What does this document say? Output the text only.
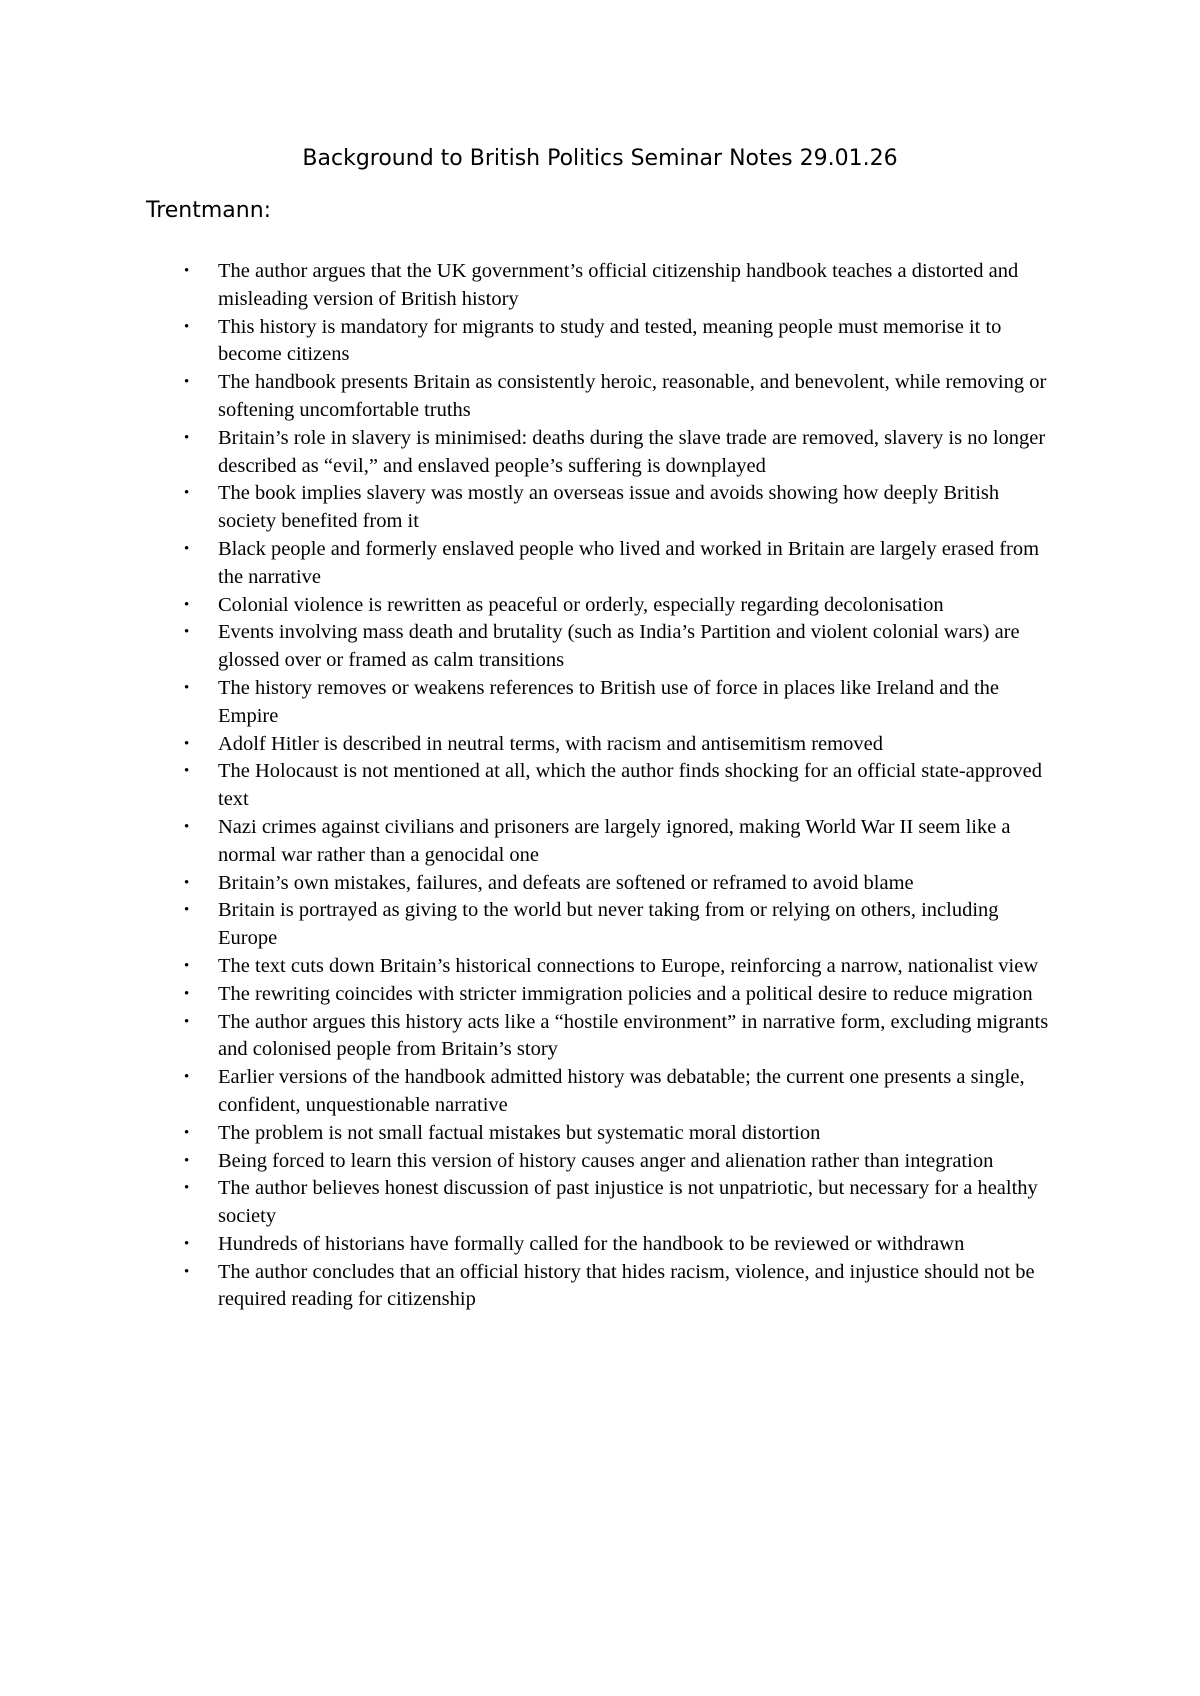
Background to British Politics Seminar Notes 29.01.26
Trentmann:
• The author argues that the UK government’s official citizenship handbook teaches a distorted and misleading version of British history
• This history is mandatory for migrants to study and tested, meaning people must memorise it to become citizens
• The handbook presents Britain as consistently heroic, reasonable, and benevolent, while removing or softening uncomfortable truths
• Britain’s role in slavery is minimised: deaths during the slave trade are removed, slavery is no longer described as “evil,” and enslaved people’s suffering is downplayed
• The book implies slavery was mostly an overseas issue and avoids showing how deeply British society benefited from it
• Black people and formerly enslaved people who lived and worked in Britain are largely erased from the narrative
• Colonial violence is rewritten as peaceful or orderly, especially regarding decolonisation
• Events involving mass death and brutality (such as India’s Partition and violent colonial wars) are glossed over or framed as calm transitions
• The history removes or weakens references to British use of force in places like Ireland and the Empire
• Adolf Hitler is described in neutral terms, with racism and antisemitism removed
• The Holocaust is not mentioned at all, which the author finds shocking for an official state-approved text
• Nazi crimes against civilians and prisoners are largely ignored, making World War II seem like a normal war rather than a genocidal one
• Britain’s own mistakes, failures, and defeats are softened or reframed to avoid blame
• Britain is portrayed as giving to the world but never taking from or relying on others, including Europe
• The text cuts down Britain’s historical connections to Europe, reinforcing a narrow, nationalist view
• The rewriting coincides with stricter immigration policies and a political desire to reduce migration
• The author argues this history acts like a “hostile environment” in narrative form, excluding migrants and colonised people from Britain’s story
• Earlier versions of the handbook admitted history was debatable; the current one presents a single, confident, unquestionable narrative
• The problem is not small factual mistakes but systematic moral distortion
• Being forced to learn this version of history causes anger and alienation rather than integration
• The author believes honest discussion of past injustice is not unpatriotic, but necessary for a healthy society
• Hundreds of historians have formally called for the handbook to be reviewed or withdrawn
• The author concludes that an official history that hides racism, violence, and injustice should not be required reading for citizenship
